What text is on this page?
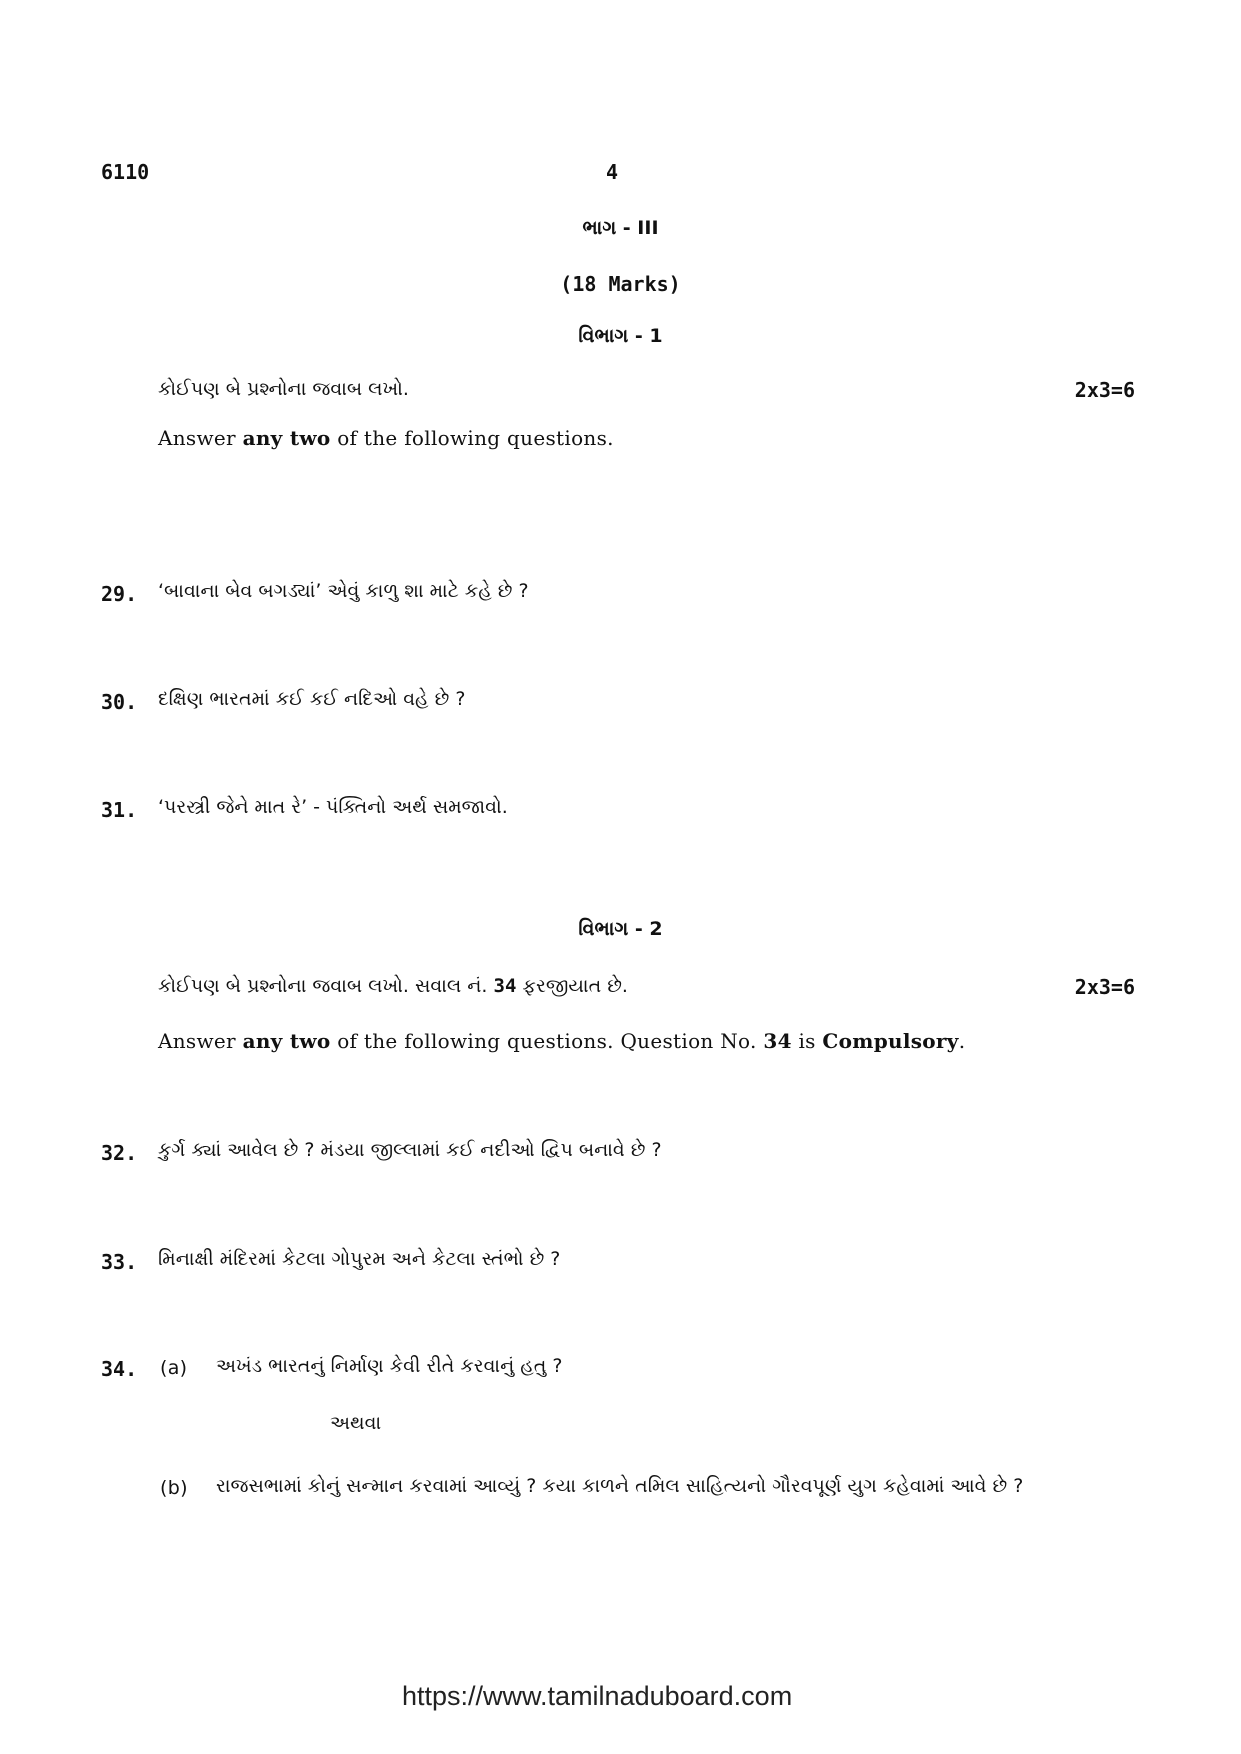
6110	4
ભાગ - III
(18 Marks)
વિભાગ - 1
કોઈપણ બે પ્રશ્નોના જવાબ લખો.	2x3=6
Answer any two of the following questions.
29. ‘બાવાના બેવ બગડ્યાં’ એવું કાળુ શા માટે કહે છે ?
30. દક્ષિણ ભારતમાં કઈ કઈ નદિઓ વહે છે ?
31. ‘પરસ્ત્રી જેને માત રે’ - પંક્તિનો અર્થ સમજાવો.
વિભાગ - 2
કોઈપણ બે પ્રશ્નોના જવાબ લખો. સવાલ નં. 34 ફરજીયાત છે.	2x3=6
Answer any two of the following questions. Question No. 34 is Compulsory.
32. કુર્ગ ક્યાં આવેલ છે ? મંડયા જીલ્લામાં કઈ નદીઓ દ્વિપ બનાવે છે ?
33. મિનાક્ષી મંદિરમાં કેટલા ગોપુરમ અને કેટલા સ્તંભો છે ?
34. (a) અખંડ ભારતનું નિર્માણ કેવી રીતે કરવાનું હતુ ?
અથવા
(b) રાજસભામાં કોનું સન્માન કરવામાં આવ્યું ? કયા કાળને તમિલ સાહિત્યનો ગૌરવપૂર્ણ યુગ કહેવામાં આવે છે ?
https://www.tamilnaduboard.com
